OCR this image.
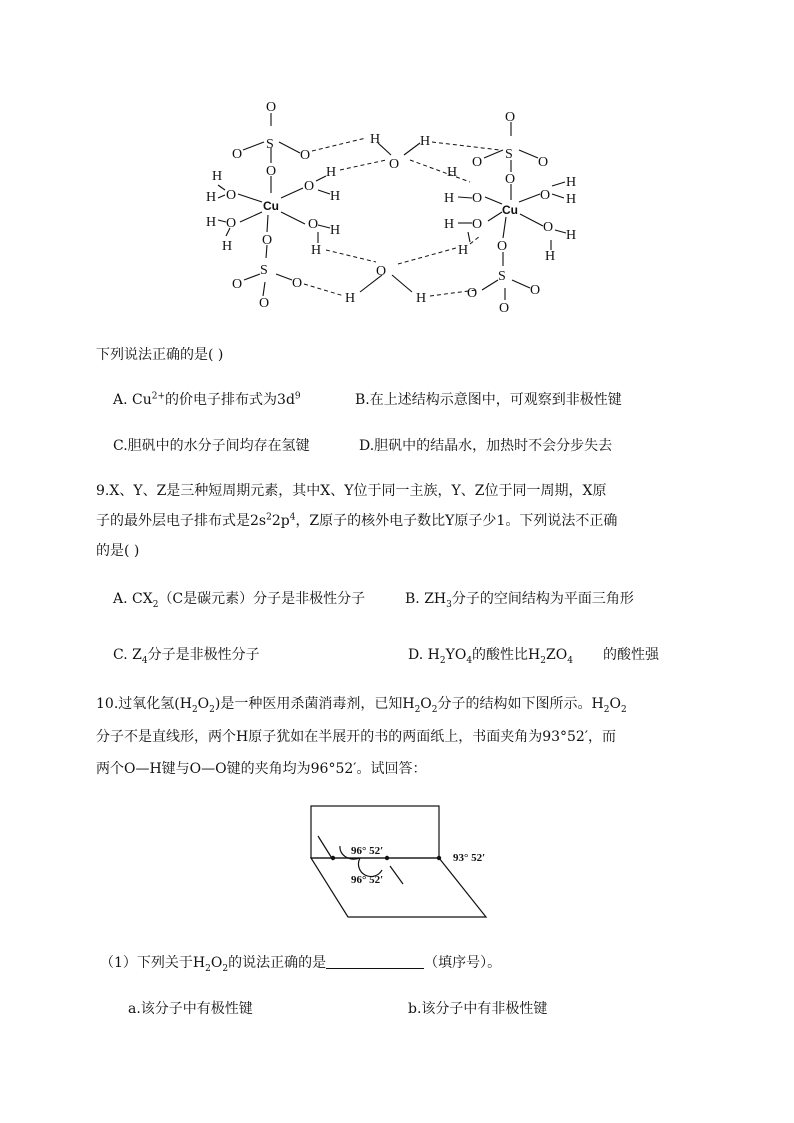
O
S
O	O
O
H
H O
Cu
O
H
H
H O
H
O H
H
O
S
O	O
O
H
O
H
O
H	H
O
S
O	O
O
H
H O
Cu
O
H
H
H O
H
O
H
H
O
S
O	O
O
下列说法正确的是( )
A. $Cu^{2+}$的价电子排布式为$3d^9$	B.在上述结构示意图中，可观察到非极性键
C.胆矾中的水分子间均存在氢键	D.胆矾中的结晶水，加热时不会分步失去
9.X、Y、Z是三种短周期元素，其中X、Y位于同一主族，Y、Z位于同一周期，X原
子的最外层电子排布式是$2s^22p^4$，Z原子的核外电子数比Y原子少1。下列说法不正确
的是( )
A. $CX_2(C$是碳元素）分子是非极性分子	B. $ZH_3$分子的空间结构为平面三角形
C. $Z_4$分子是非极性分子	D. $H_2YO_4$的酸性比$H_2ZO_4$ 的酸性强
10.过氧化氢$(H_2O_2)$是一种医用杀菌消毒剂，已知$H_2O_2$分子的结构如下图所示。$H_2O_2$
分子不是直线形，两个H原子犹如在半展开的书的两面纸上，书面夹角为93°52′，而
两个O—H键与O—O键的夹角均为96°52′。试回答：
96° 52′
96° 52′
93° 52′
（1）下列关于$H_2O_2$的说法正确的是	（填序号）。
a.该分子中有极性键	b.该分子中有非极性键
